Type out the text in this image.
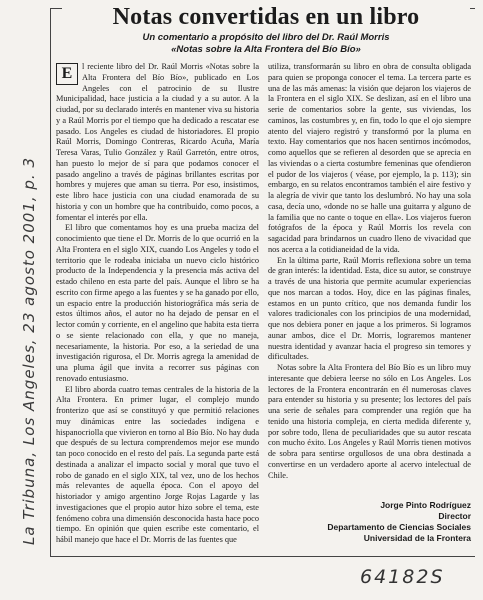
Notas convertidas en un libro
Un comentario a propósito del libro del Dr. Raúl Morris
«Notas sobre la Alta Frontera del Bío Bío»

E	l reciente libro del Dr. Raúl Morris «Notas sobre la Alta Frontera del Bío Bío», publicado en Los Angeles con el patrocinio de su Ilustre Municipalidad, hace justicia a la ciudad y a su autor. A la ciudad, por su declarado interés en mantener viva su historia y a Raúl Morris por el tiempo que ha dedicado a rescatar ese pasado. Los Angeles es ciudad de historiadores. El propio Raúl Morris, Domingo Contreras, Ricardo Acuña, María Teresa Varas, Tulio González y Raúl Garretón, entre otros, han puesto lo mejor de sí para que podamos conocer el pasado angelino a través de páginas brillantes escritas por hombres y mujeres que aman su tierra. Por eso, insistimos, este libro hace justicia con una ciudad enamorada de su historia y con un hombre que ha contribuido, como pocos, a fomentar el interés por ella.

El libro que comentamos hoy es una prueba maciza del conocimiento que tiene el Dr. Morris de lo que ocurrió en la Alta Frontera en el siglo XIX, cuando Los Angeles y todo el territorio que le rodeaba iniciaba un nuevo ciclo histórico producto de la Independencia y la presencia más activa del estado chileno en esta parte del país. Aunque el libro se ha escrito con firme apego a las fuentes y se ha ganado por ello, un espacio entre la producción historiográfica más seria de estos últimos años, el autor no ha dejado de pensar en el lector común y corriente, en el angelino que habita esta tierra o se siente relacionado con ella, y que no maneja, necesariamente, la historia. Por eso, a la seriedad de una investigación rigurosa, el Dr. Morris agrega la amenidad de una pluma ágil que invita a recorrer sus páginas con renovado entusiasmo.

El libro aborda cuatro temas centrales de la historia de la Alta Frontera. En primer lugar, el complejo mundo fronterizo que así se constituyó y que permitió relaciones muy dinámicas entre las sociedades indígena e hispanocriolla que vivieron en torno al Bío Bío. No hay duda que después de su lectura comprendemos mejor ese mundo tan poco conocido en el resto del país. La segunda parte está destinada a analizar el impacto social y moral que tuvo el robo de ganado en el siglo XIX, tal vez, uno de los hechos más relevantes de aquella época. Con el apoyo del historiador y amigo argentino Jorge Rojas Lagarde y las investigaciones que el propio autor hizo sobre el tema, este fenómeno cobra una dimensión desconocida hasta hace poco tiempo. En opinión que quien escribe este comentario, el hábil manejo que hace el Dr. Morris de las fuentes que

utiliza, transformarán su libro en obra de consulta obligada para quien se proponga conocer el tema. La tercera parte es una de las más amenas: la visión que dejaron los viajeros de la Frontera en el siglo XIX. Se deslizan, así en el libro una serie de comentarios sobre la gente, sus viviendas, los caminos, las costumbres y, en fin, todo lo que el ojo siempre atento del viajero registró y transformó por la pluma en texto. Hay comentarios que nos hacen sentirnos incómodos, como aquellos que se refieren al desorden que se aprecia en las viviendas o a cierta costumbre femeninas que ofendieron el pudor de los viajeros ( véase, por ejemplo, la p. 113); sin embargo, en su relatos encontramos también el aire festivo y la alegría de vivir que tanto los deslumbró. No hay una sola casa, decía uno, «donde no se halle una guitarra y alguno de la familia que no cante o toque en ella». Los viajeros fueron fotógrafos de la época y Raúl Morris los revela con sagacidad para brindarnos un cuadro lleno de vivacidad que nos acerca a la cotidianeidad de la vida.

En la última parte, Raúl Morris reflexiona sobre un tema de gran interés: la identidad. Esta, dice su autor, se construye a través de una historia que permite acumular experiencias que nos marcan a todos. Hoy, dice en las páginas finales, estamos en un punto crítico, que nos demanda fundir los valores tradicionales con los principios de una modernidad, que nos debiera poner en jaque a los primeros. Si logramos aunar ambos, dice el Dr. Morris, lograremos mantener nuestra identidad y avanzar hacia el progreso sin temores y dificultades.

Notas sobre la Alta Frontera del Bío Bío es un libro muy interesante que debiera leerse no sólo en Los Angeles. Los lectores de la Frontera encontrarán en él numerosas claves para entender su historia y su presente; los lectores del país una serie de señales para comprender una región que ha tenido una historia compleja, en cierta medida diferente y, por sobre todo, llena de peculiaridades que su autor rescata con mucho éxito. Los Angeles y Raúl Morris tienen motivos de sobra para sentirse orgullosos de una obra destinada a convertirse en un verdadero aporte al acervo intelectual de Chile.

Jorge Pinto Rodríguez
Director
Departamento de Ciencias Sociales
Universidad de la Frontera
La Tribuna, Los Angeles, 23 agosto 2001, p. 3
64182S
